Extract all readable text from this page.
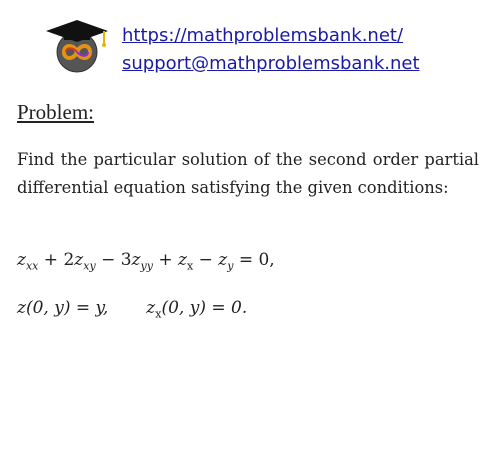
https://mathproblemsbank.net/
support@mathproblemsbank.net
Problem:
Find the particular solution of the second order partial differential equation satisfying the given conditions:
$z_{xx} + 2z_{xy} - 3z_{yy} + z_x - z_y = 0$,
z(0, y) = y, $z_x(0$, y) = 0.
